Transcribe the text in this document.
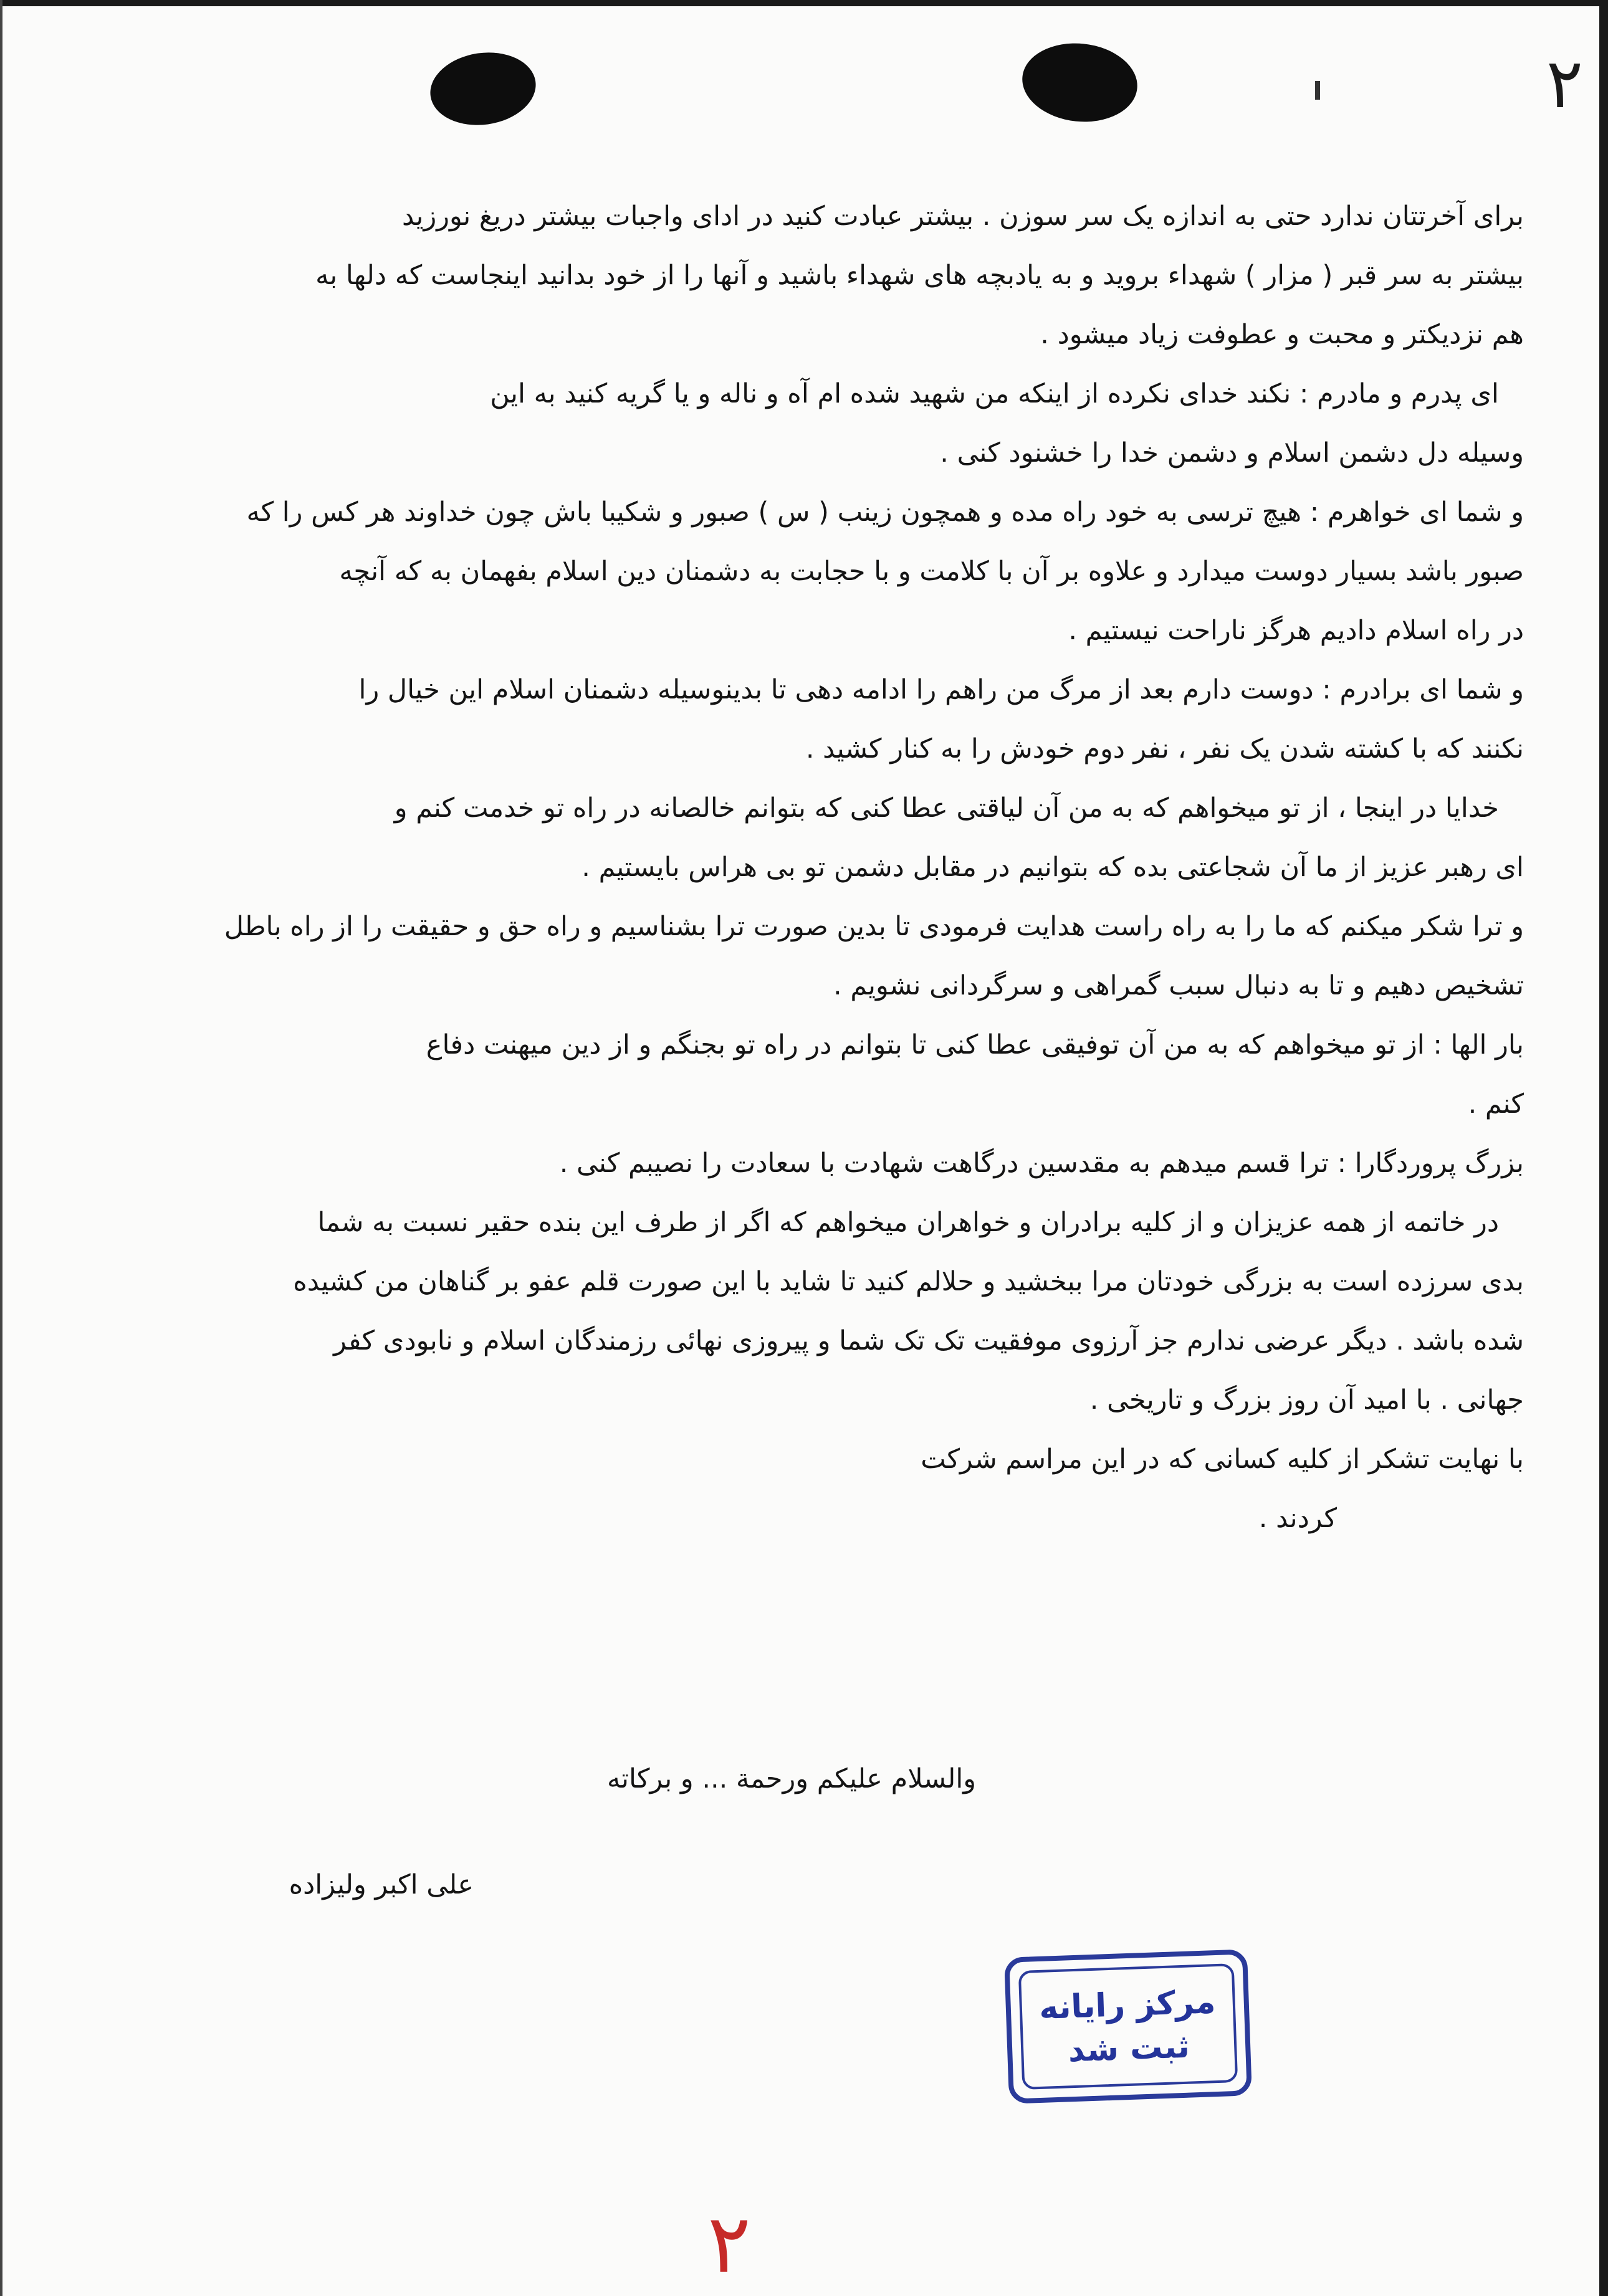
۲
برای آخرتتان ندارد حتی به اندازه یک سر سوزن . بیشتر عبادت کنید در ادای واجبات بیشتر دریغ نورزید
بیشتر به سر قبر ( مزار ) شهداء بروید و به یادبچه های شهداء باشید و آنها را از خود بدانید اینجاست که دلها به
هم نزدیکتر و محبت و عطوفت زیاد میشود .
ای پدرم و مادرم : نکند خدای نکرده از اینکه من شهید شده ام آه و ناله و یا گریه کنید به این
وسیله دل دشمن اسلام و دشمن خدا را خشنود کنی .
و شما ای خواهرم : هیچ ترسی به خود راه مده و همچون زینب ( س ) صبور و شکیبا باش چون خداوند هر کس را که
صبور باشد بسیار دوست میدارد و علاوه بر آن با کلامت و با حجابت به دشمنان دین اسلام بفهمان به که آنچه
در راه اسلام دادیم هرگز ناراحت نیستیم .
و شما ای برادرم : دوست دارم بعد از مرگ من راهم را ادامه دهی تا بدینوسیله دشمنان اسلام این خیال را
نکنند که با کشته شدن یک نفر ، نفر دوم خودش را به کنار کشید .
خدایا در اینجا ، از تو میخواهم که به من آن لیاقتی عطا کنی که بتوانم خالصانه در راه تو خدمت کنم و
ای رهبر عزیز از ما آن شجاعتی بده که بتوانیم در مقابل دشمن تو بی هراس بایستیم .
و ترا شکر میکنم که ما را به راه راست هدایت فرمودی تا بدین صورت ترا بشناسیم و راه حق و حقیقت را از راه باطل
تشخیص دهیم و تا به دنبال سبب گمراهی و سرگردانی نشویم .
بار الها : از تو میخواهم که به من آن توفیقی عطا کنی تا بتوانم در راه تو بجنگم و از دین میهنت دفاع
کنم .
بزرگ پروردگارا : ترا قسم میدهم به مقدسین درگاهت شهادت با سعادت را نصیبم کنی .
در خاتمه از همه عزیزان و از کلیه برادران و خواهران میخواهم که اگر از طرف این بنده حقیر نسبت به شما
بدی سرزده است به بزرگی خودتان مرا ببخشید و حلالم کنید تا شاید با این صورت قلم عفو بر گناهان من کشیده
شده باشد . دیگر عرضی ندارم جز آرزوی موفقیت تک تک شما و پیروزی نهائی رزمندگان اسلام و نابودی کفر
جهانی . با امید آن روز بزرگ و تاریخی .
با نهایت تشکر از کلیه کسانی که در این مراسم شرکت
کردند .
والسلام علیکم ورحمة ... و برکاته
علی اکبر ولیزاده
مرکز رایانه
ثبت شد
۲
